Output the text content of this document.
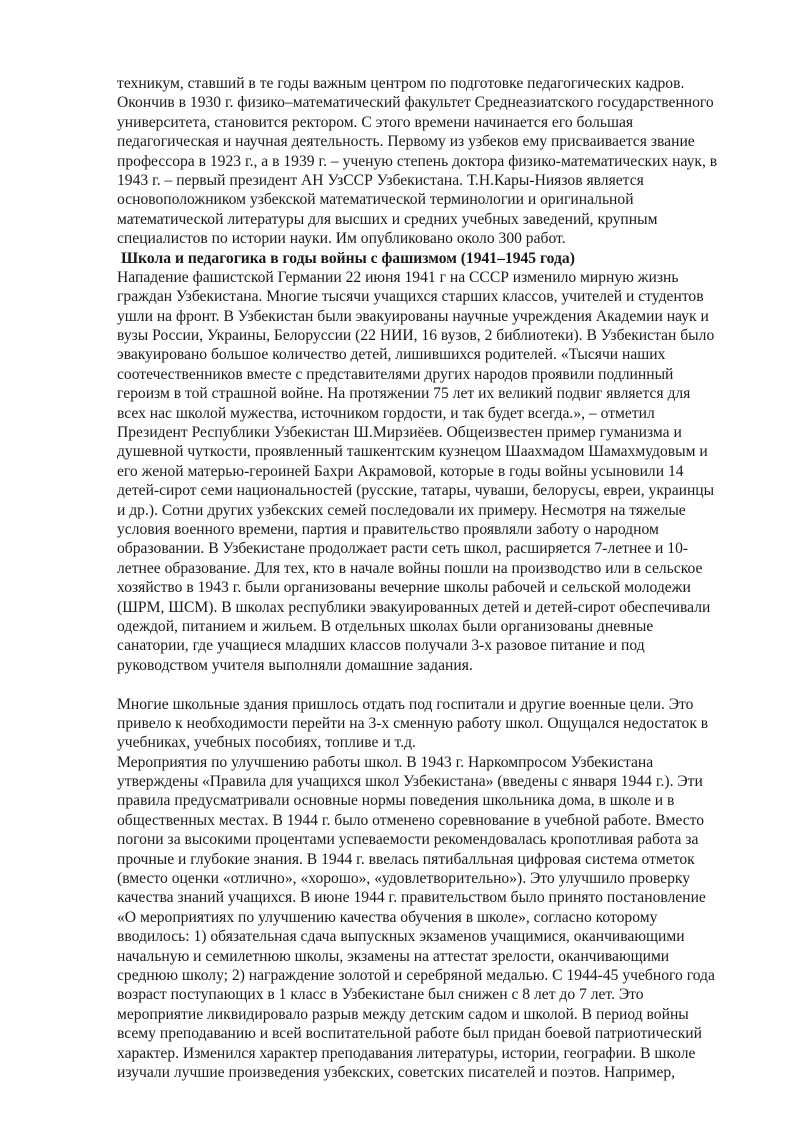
техникум, ставший в те годы важным центром по подготовке педагогических кадров.
Окончив в 1930 г. физико–математический факультет Среднеазиатского государственного
университета, становится ректором. С этого времени начинается его большая
педагогическая и научная деятельность. Первому из узбеков ему присваивается звание
профессора в 1923 г., а в 1939 г. – ученую степень доктора физико-математических наук, в
1943 г. – первый президент АН УзССР Узбекистана. Т.Н.Кары-Ниязов является
основоположником узбекской математической терминологии и оригинальной
математической литературы для высших и средних учебных заведений, крупным
специалистов по истории науки. Им опубликовано около 300 работ.
Школа и педагогика в годы войны с фашизмом (1941–1945 года)
Нападение фашистской Германии 22 июня 1941 г на СССР изменило мирную жизнь
граждан Узбекистана. Многие тысячи учащихся старших классов, учителей и студентов
ушли на фронт. В Узбекистан были эвакуированы научные учреждения Академии наук и
вузы России, Украины, Белоруссии (22 НИИ, 16 вузов, 2 библиотеки). В Узбекистан было
эвакуировано большое количество детей, лишившихся родителей. «Тысячи наших
соотечественников вместе с представителями других народов проявили подлинный
героизм в той страшной войне. На протяжении 75 лет их великий подвиг является для
всех нас школой мужества, источником гордости, и так будет всегда.», – отметил
Президент Республики Узбекистан Ш.Мирзиёев. Общеизвестен пример гуманизма и
душевной чуткости, проявленный ташкентским кузнецом Шаахмадом Шамахмудовым и
его женой матерью-героиней Бахри Акрамовой, которые в годы войны усыновили 14
детей-сирот семи национальностей (русские, татары, чуваши, белорусы, евреи, украинцы
и др.). Сотни других узбекских семей последовали их примеру. Несмотря на тяжелые
условия военного времени, партия и правительство проявляли заботу о народном
образовании. В Узбекистане продолжает расти сеть школ, расширяется 7-летнее и 10-
летнее образование. Для тех, кто в начале войны пошли на производство или в сельское
хозяйство в 1943 г. были организованы вечерние школы рабочей и сельской молодежи
(ШРМ, ШСМ). В школах республики эвакуированных детей и детей-сирот обеспечивали
одеждой, питанием и жильем. В отдельных школах были организованы дневные
санатории, где учащиеся младших классов получали 3-х разовое питание и под
руководством учителя выполняли домашние задания.
Многие школьные здания пришлось отдать под госпитали и другие военные цели. Это
привело к необходимости перейти на 3-х сменную работу школ. Ощущался недостаток в
учебниках, учебных пособиях, топливе и т.д.
Мероприятия по улучшению работы школ. В 1943 г. Наркомпросом Узбекистана
утверждены «Правила для учащихся школ Узбекистана» (введены с января 1944 г.). Эти
правила предусматривали основные нормы поведения школьника дома, в школе и в
общественных местах. В 1944 г. было отменено соревнование в учебной работе. Вместо
погони за высокими процентами успеваемости рекомендовалась кропотливая работа за
прочные и глубокие знания. В 1944 г. ввелась пятибалльная цифровая система отметок
(вместо оценки «отлично», «хорошо», «удовлетворительно»). Это улучшило проверку
качества знаний учащихся. В июне 1944 г. правительством было принято постановление
«О мероприятиях по улучшению качества обучения в школе», согласно которому
вводилось: 1) обязательная сдача выпускных экзаменов учащимися, оканчивающими
начальную и семилетнюю школы, экзамены на аттестат зрелости, оканчивающими
среднюю школу; 2) награждение золотой и серебряной медалью. С 1944-45 учебного года
возраст поступающих в 1 класс в Узбекистане был снижен с 8 лет до 7 лет. Это
мероприятие ликвидировало разрыв между детским садом и школой. В период войны
всему преподаванию и всей воспитательной работе был придан боевой патриотический
характер. Изменился характер преподавания литературы, истории, географии. В школе
изучали лучшие произведения узбекских, советских писателей и поэтов. Например,
